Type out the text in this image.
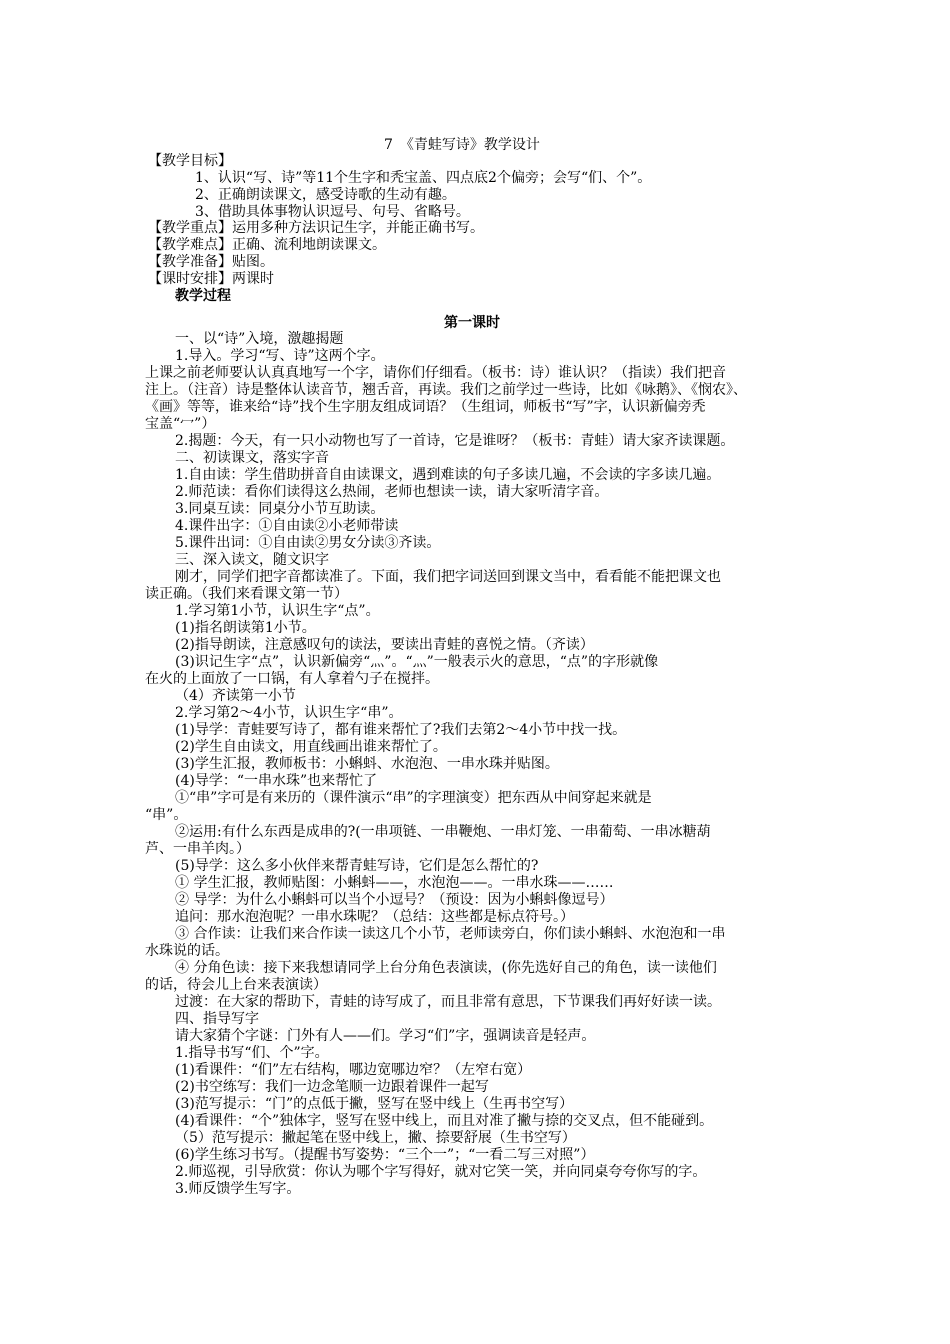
7　《青蛙写诗》教学设计
【教学目标】
1、认识“写、诗”等11个生字和秃宝盖、四点底2个偏旁；会写“们、个”。
2、正确朗读课文，感受诗歌的生动有趣。
3、借助具体事物认识逗号、句号、省略号。
【教学重点】运用多种方法识记生字，并能正确书写。
【教学难点】正确、流利地朗读课文。
【教学准备】贴图。
【课时安排】两课时
教学过程
第一课时
一、以“诗”入境，激趣揭题
1.导入。学习“写、诗”这两个字。
上课之前老师要认认真真地写一个字，请你们仔细看。（板书：诗）谁认识？（指读）我们把音
注上。（注音）诗是整体认读音节，翘舌音，再读。我们之前学过一些诗，比如《咏鹅》、《悯农》、
《画》等等，谁来给“诗”找个生字朋友组成词语？（生组词，师板书“写”字，认识新偏旁秃
宝盖“冖”）
2.揭题：今天，有一只小动物也写了一首诗，它是谁呀？（板书：青蛙）请大家齐读课题。
二、初读课文，落实字音
1.自由读：学生借助拼音自由读课文，遇到难读的句子多读几遍，不会读的字多读几遍。
2.师范读：看你们读得这么热闹，老师也想读一读，请大家听清字音。
3.同桌互读：同桌分小节互助读。
4.课件出字：①自由读②小老师带读
5.课件出词：①自由读②男女分读③齐读。
三、深入读文，随文识字
刚才，同学们把字音都读准了。下面，我们把字词送回到课文当中，看看能不能把课文也
读正确。（我们来看课文第一节）
1.学习第1小节，认识生字“点”。
(1)指名朗读第1小节。
(2)指导朗读，注意感叹句的读法，要读出青蛙的喜悦之情。（齐读）
(3)识记生字“点”，认识新偏旁“灬”。“灬”一般表示火的意思，“点”的字形就像
在火的上面放了一口锅，有人拿着勺子在搅拌。
（4）齐读第一小节
2.学习第2～4小节，认识生字“串”。
(1)导学：青蛙要写诗了，都有谁来帮忙了?我们去第2～4小节中找一找。
(2)学生自由读文，用直线画出谁来帮忙了。
(3)学生汇报，教师板书：小蝌蚪、水泡泡、一串水珠并贴图。
(4)导学：“一串水珠”也来帮忙了
①“串”字可是有来历的（课件演示“串”的字理演变）把东西从中间穿起来就是
“串”。
②运用:有什么东西是成串的?(一串项链、一串鞭炮、一串灯笼、一串葡萄、一串冰糖葫
芦、一串羊肉。）
(5)导学：这么多小伙伴来帮青蛙写诗，它们是怎么帮忙的?
① 学生汇报，教师贴图：小蝌蚪——，水泡泡——。一串水珠——……
② 导学：为什么小蝌蚪可以当个小逗号？（预设：因为小蝌蚪像逗号）
追问：那水泡泡呢？一串水珠呢？（总结：这些都是标点符号。）
③ 合作读：让我们来合作读一读这几个小节，老师读旁白，你们读小蝌蚪、水泡泡和一串
水珠说的话。
④ 分角色读：接下来我想请同学上台分角色表演读，(你先选好自己的角色，读一读他们
的话，待会儿上台来表演读）
过渡：在大家的帮助下，青蛙的诗写成了，而且非常有意思，下节课我们再好好读一读。
四、指导写字
请大家猜个字谜：门外有人——们。学习“们”字，强调读音是轻声。
1.指导书写“们、个”字。
(1)看课件：“们”左右结构，哪边宽哪边窄？（左窄右宽）
(2)书空练写：我们一边念笔顺一边跟着课件一起写
(3)范写提示：“门”的点低于撇，竖写在竖中线上（生再书空写）
(4)看课件：“个”独体字，竖写在竖中线上，而且对准了撇与捺的交叉点，但不能碰到。
（5）范写提示：撇起笔在竖中线上，撇、捺要舒展（生书空写）
(6)学生练习书写。（提醒书写姿势：“三个一”；“一看二写三对照”）
2.师巡视，引导欣赏：你认为哪个字写得好，就对它笑一笑，并向同桌夸夸你写的字。
3.师反馈学生写字。
